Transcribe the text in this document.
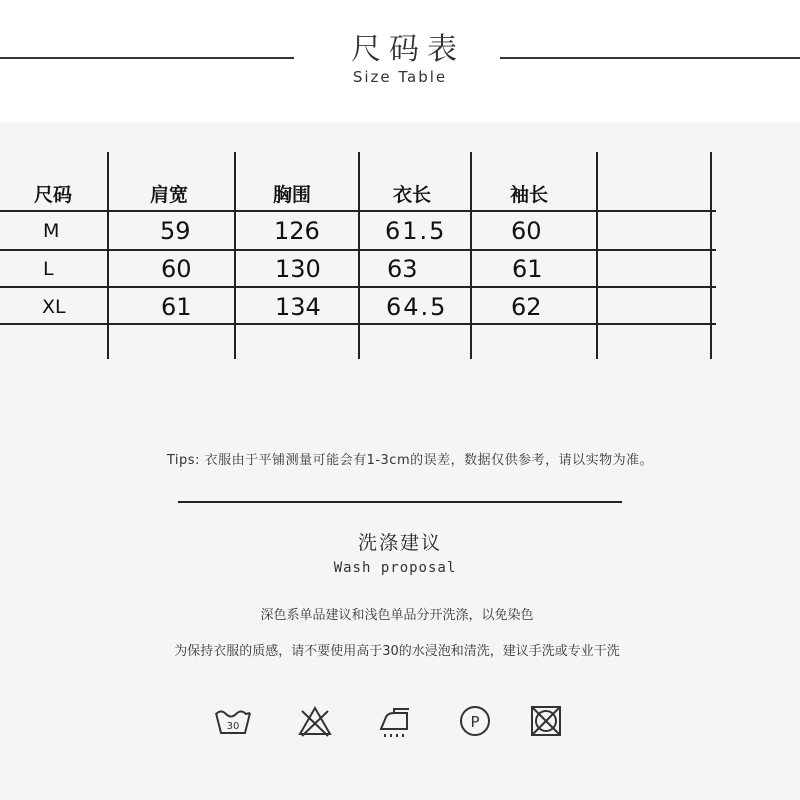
尺码表
Size Table
尺码	肩宽	胸围	衣长	袖长
M	59	126	61.5	60
L	60	130	63	61
XL	61	134	64.5	62
Tips: 衣服由于平铺测量可能会有1-3cm的误差，数据仅供参考，请以实物为准。
洗涤建议
Wash proposal
深色系单品建议和浅色单品分开洗涤，以免染色
为保持衣服的质感，请不要使用高于30的水浸泡和清洗，建议手洗或专业干洗
30	P
